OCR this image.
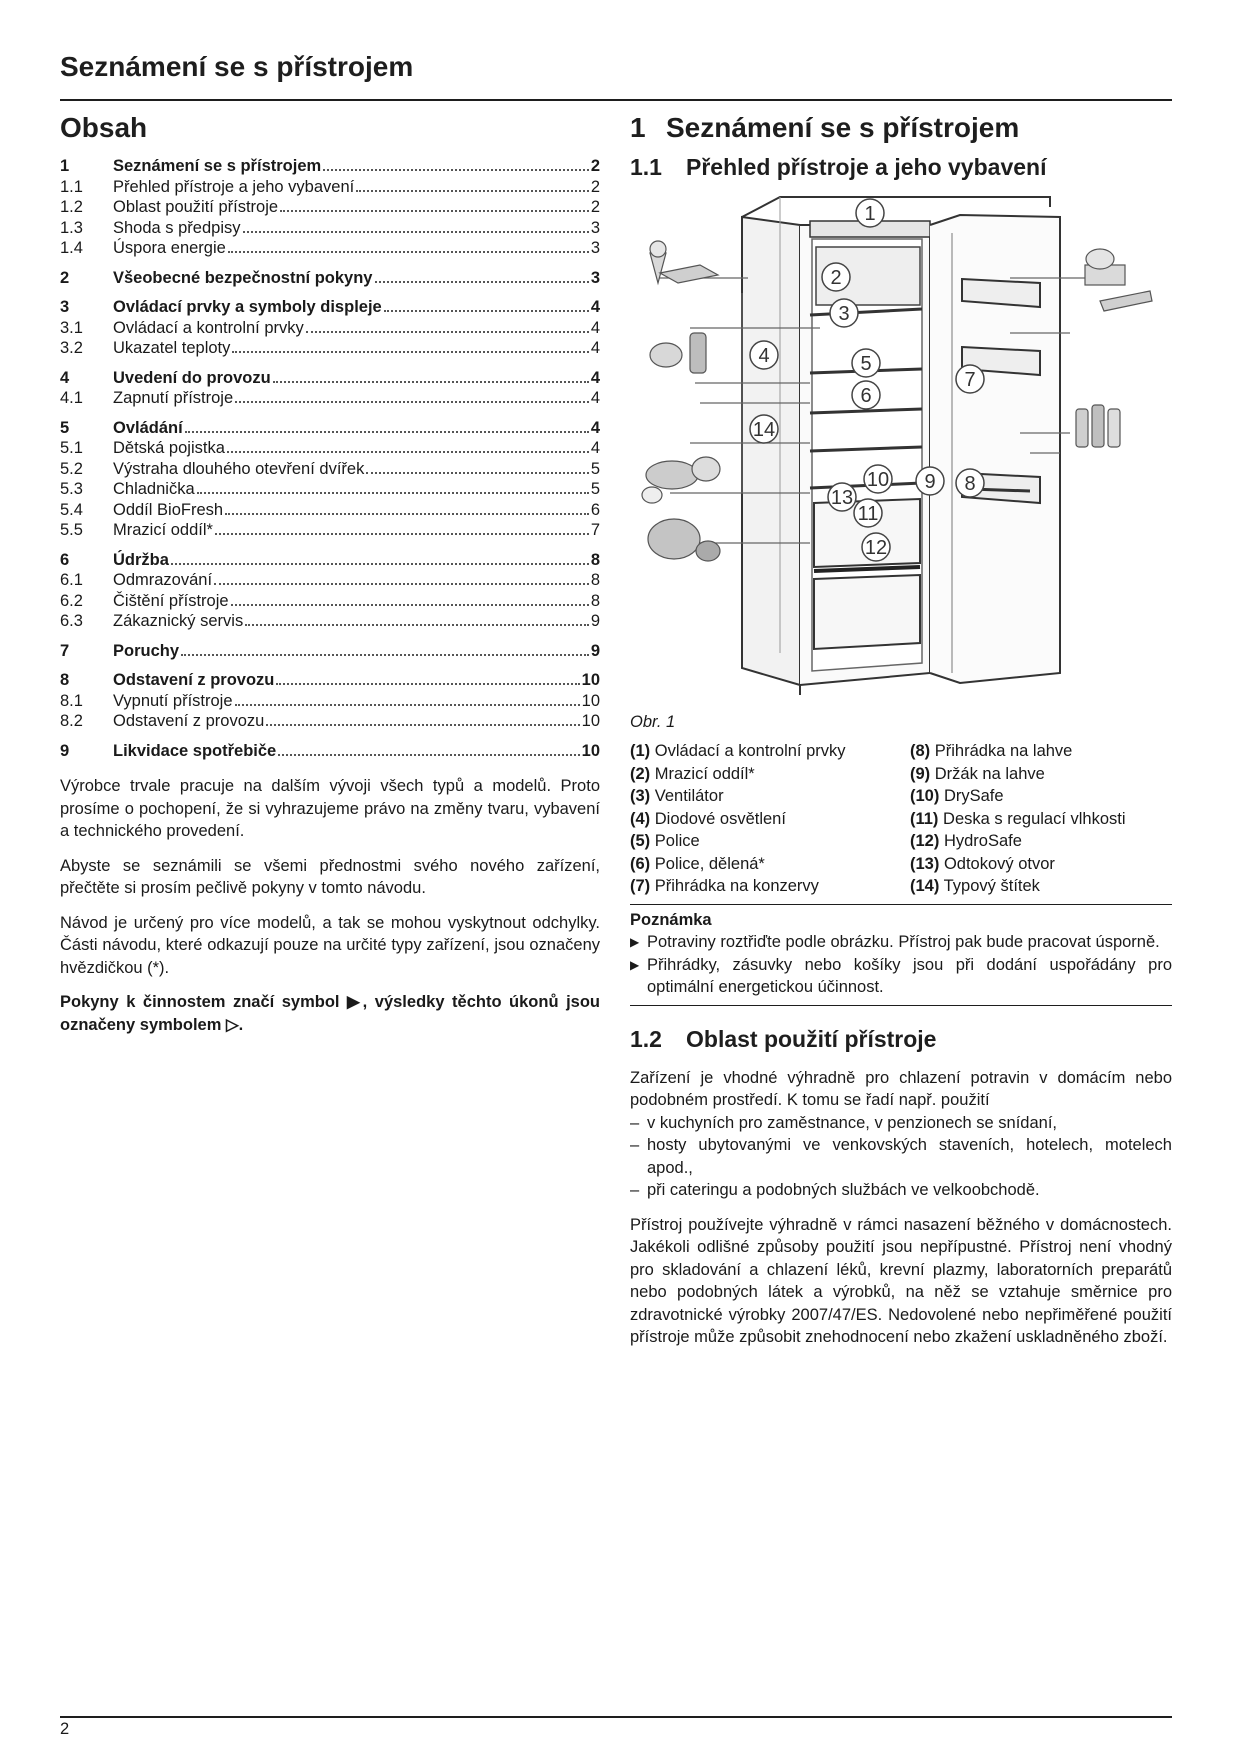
Seznámení se s přístrojem
Obsah
1	Seznámení se s přístrojem	2
1.1	Přehled přístroje a jeho vybavení	2
1.2	Oblast použití přístroje	2
1.3	Shoda s předpisy	3
1.4	Úspora energie	3
2	Všeobecné bezpečnostní pokyny	3
3	Ovládací prvky a symboly displeje	4
3.1	Ovládací a kontrolní prvky	4
3.2	Ukazatel teploty	4
4	Uvedení do provozu	4
4.1	Zapnutí přístroje	4
5	Ovládání	4
5.1	Dětská pojistka	4
5.2	Výstraha dlouhého otevření dvířek	5
5.3	Chladnička	5
5.4	Oddíl BioFresh	6
5.5	Mrazicí oddíl*	7
6	Údržba	8
6.1	Odmrazování	8
6.2	Čištění přístroje	8
6.3	Zákaznický servis	9
7	Poruchy	9
8	Odstavení z provozu	10
8.1	Vypnutí přístroje	10
8.2	Odstavení z provozu	10
9	Likvidace spotřebiče	10

Výrobce trvale pracuje na dalším vývoji všech typů a modelů. Proto prosíme o pochopení, že si vyhrazujeme právo na změny tvaru, vybavení a technického provedení.

Abyste se seznámili se všemi přednostmi svého nového zařízení, přečtěte si prosím pečlivě pokyny v tomto návodu.

Návod je určený pro více modelů, a tak se mohou vyskytnout odchylky. Části návodu, které odkazují pouze na určité typy zařízení, jsou označeny hvězdičkou (*).

Pokyny k činnostem značí symbol ▶, výsledky těchto úkonů jsou označeny symbolem ▷.

1 Seznámení se s přístrojem
1.1	Přehled přístroje a jeho vybavení
1
2
3
4	5
6
7
8
9
10
11
12
13
14
Obr. 1
(1) Ovládací a kontrolní prvky	(8) Přihrádka na lahve
(2) Mrazicí oddíl*	(9) Držák na lahve
(3) Ventilátor	(10) DrySafe
(4) Diodové osvětlení	(11) Deska s regulací vlhkosti
(5) Police	(12) HydroSafe
(6) Police, dělená*	(13) Odtokový otvor
(7) Přihrádka na konzervy	(14) Typový štítek
Poznámka
▶ Potraviny roztřiďte podle obrázku. Přístroj pak bude pracovat úsporně.
▶ Přihrádky, zásuvky nebo košíky jsou při dodání uspořádány pro optimální energetickou účinnost.
1.2	Oblast použití přístroje

Zařízení je vhodné výhradně pro chlazení potravin v domácím nebo podobném prostředí. K tomu se řadí např. použití

– v kuchyních pro zaměstnance, v penzionech se snídaní,
– hosty ubytovanými ve venkovských staveních, hotelech, motelech apod.,
– při cateringu a podobných službách ve velkoobchodě.

Přístroj používejte výhradně v rámci nasazení běžného v domácnostech. Jakékoli odlišné způsoby použití jsou nepřípustné. Přístroj není vhodný pro skladování a chlazení léků, krevní plazmy, laboratorních preparátů nebo podobných látek a výrobků, na něž se vztahuje směrnice pro zdravotnické výrobky 2007/47/ES. Nedovolené nebo nepřiměřené použití přístroje může způsobit znehodnocení nebo zkažení uskladněného zboží.

2
